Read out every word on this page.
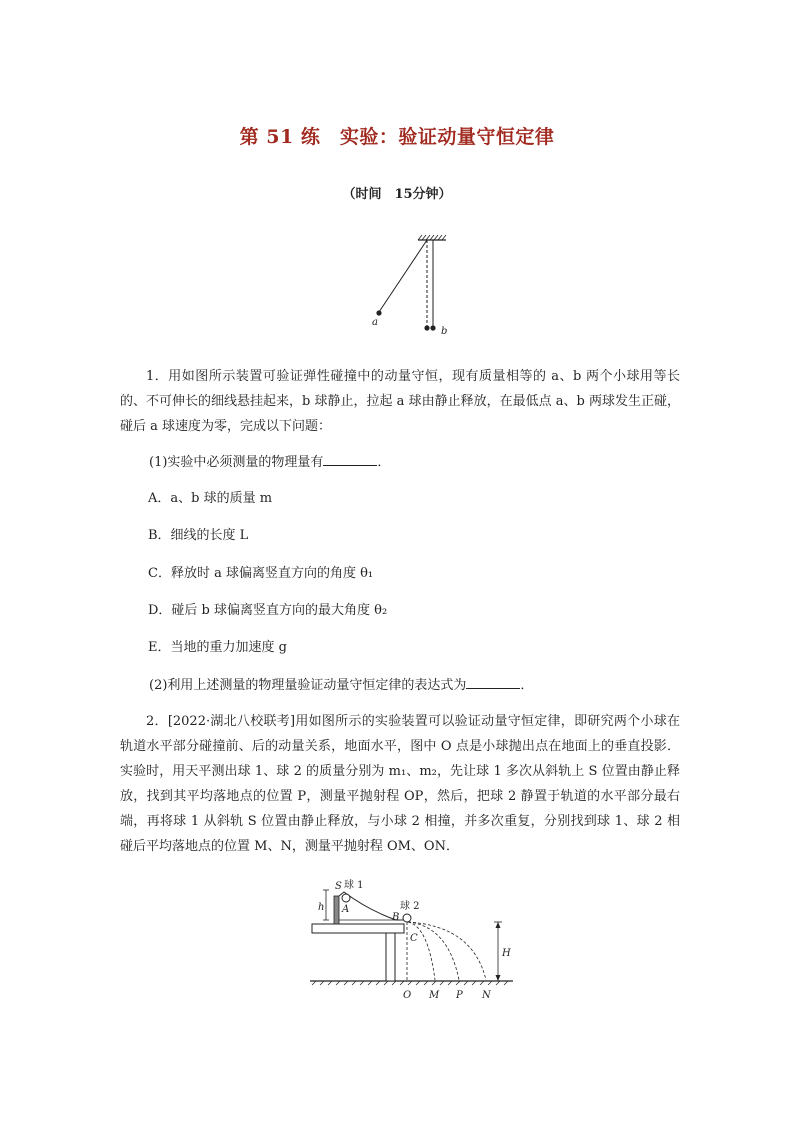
第 51 练　实验：验证动量守恒定律
（时间　15分钟）
a
b
1．用如图所示装置可验证弹性碰撞中的动量守恒，现有质量相等的 a、b 两个小球用等长的、不可伸长的细线悬挂起来，b 球静止，拉起 a 球由静止释放，在最低点 a、b 两球发生正碰，碰后 a 球速度为零，完成以下问题：
(1)实验中必须测量的物理量有	．
A．a、b 球的质量 m
B．细线的长度 L
C．释放时 a 球偏离竖直方向的角度 θ₁
D．碰后 b 球偏离竖直方向的最大角度 θ₂
E．当地的重力加速度 g
(2)利用上述测量的物理量验证动量守恒定律的表达式为	．
2．[2022·湖北八校联考]用如图所示的实验装置可以验证动量守恒定律，即研究两个小球在轨道水平部分碰撞前、后的动量关系，地面水平，图中 O 点是小球抛出点在地面上的垂直投影．实验时，用天平测出球 1、球 2 的质量分别为 m₁、m₂，先让球 1 多次从斜轨上 S 位置由静止释放，找到其平均落地点的位置 P，测量平抛射程 OP，然后，把球 2 静置于轨道的水平部分最右端，再将球 1 从斜轨 S 位置由静止释放，与小球 2 相撞，并多次重复，分别找到球 1、球 2 相碰后平均落地点的位置 M、N，测量平抛射程 OM、ON．
S 球 1
h A
B
球 2
C
H
O M P N
